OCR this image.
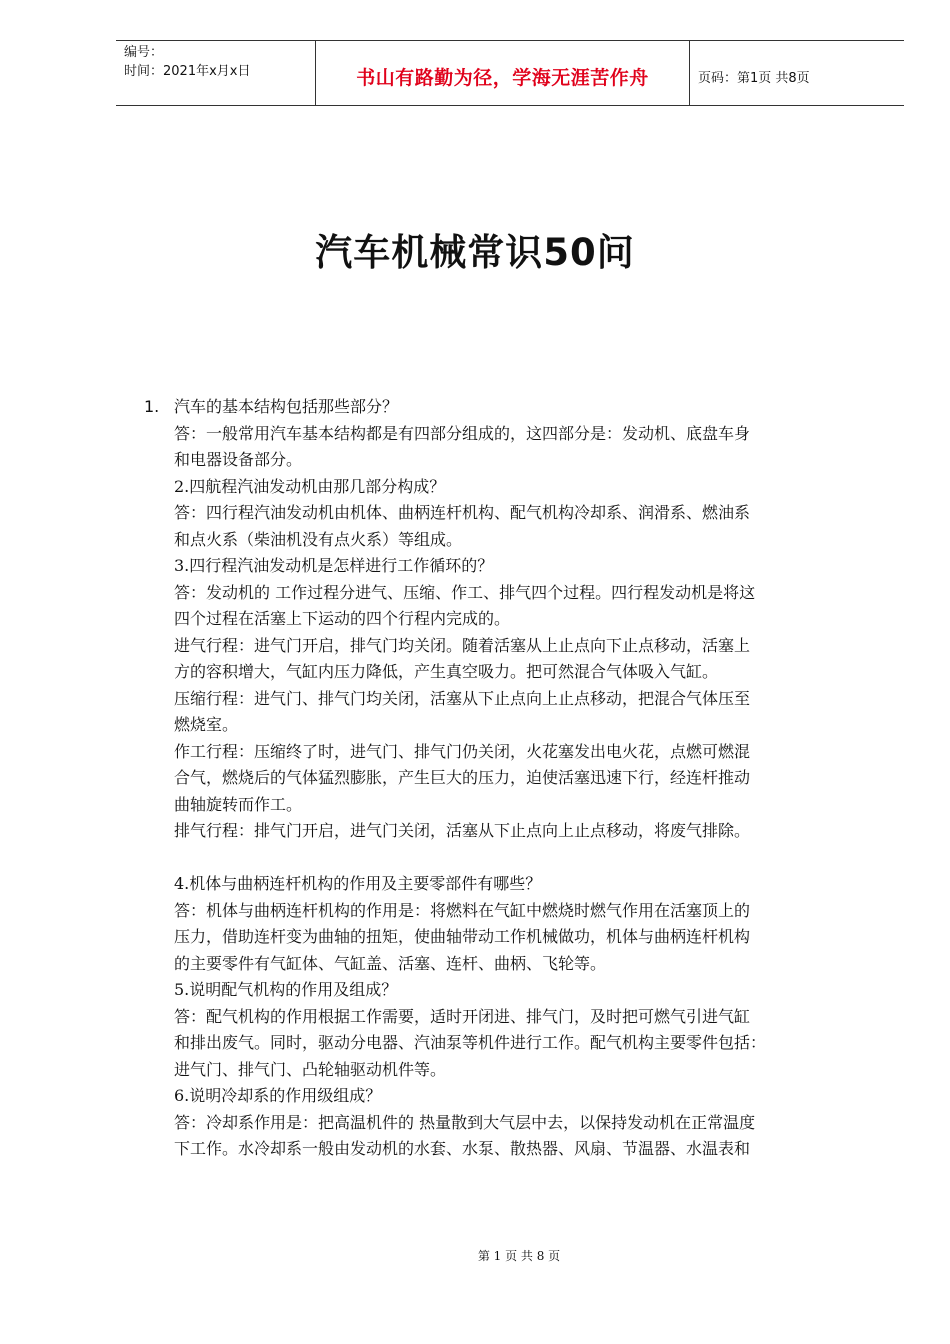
编号：
时间：2021年x月x日	书山有路勤为径，学海无涯苦作舟	页码：第1页 共8页
汽车机械常识50问

1. 汽车的基本结构包括那些部分？

答：一般常用汽车基本结构都是有四部分组成的，这四部分是：发动机、底盘车身

和电器设备部分。

2.四航程汽油发动机由那几部分构成？

答：四行程汽油发动机由机体、曲柄连杆机构、配气机构冷却系、润滑系、燃油系

和点火系（柴油机没有点火系）等组成。

3.四行程汽油发动机是怎样进行工作循环的？

答：发动机的 工作过程分进气、压缩、作工、排气四个过程。四行程发动机是将这

四个过程在活塞上下运动的四个行程内完成的。

进气行程：进气门开启，排气门均关闭。随着活塞从上止点向下止点移动，活塞上

方的容积增大，气缸内压力降低，产生真空吸力。把可然混合气体吸入气缸。

压缩行程：进气门、排气门均关闭，活塞从下止点向上止点移动，把混合气体压至

燃烧室。

作工行程：压缩终了时，进气门、排气门仍关闭，火花塞发出电火花，点燃可燃混

合气，燃烧后的气体猛烈膨胀，产生巨大的压力，迫使活塞迅速下行，经连杆推动

曲轴旋转而作工。

排气行程：排气门开启，进气门关闭，活塞从下止点向上止点移动，将废气排除。

4.机体与曲柄连杆机构的作用及主要零部件有哪些？

答：机体与曲柄连杆机构的作用是：将燃料在气缸中燃烧时燃气作用在活塞顶上的

压力，借助连杆变为曲轴的扭矩，使曲轴带动工作机械做功，机体与曲柄连杆机构

的主要零件有气缸体、气缸盖、活塞、连杆、曲柄、飞轮等。

5.说明配气机构的作用及组成？

答：配气机构的作用根据工作需要，适时开闭进、排气门，及时把可燃气引进气缸

和排出废气。同时，驱动分电器、汽油泵等机件进行工作。配气机构主要零件包括：

进气门、排气门、凸轮轴驱动机件等。

6.说明冷却系的作用级组成？

答：冷却系作用是：把高温机件的 热量散到大气层中去，以保持发动机在正常温度

下工作。水冷却系一般由发动机的水套、水泵、散热器、风扇、节温器、水温表和

第 1 页 共 8 页
